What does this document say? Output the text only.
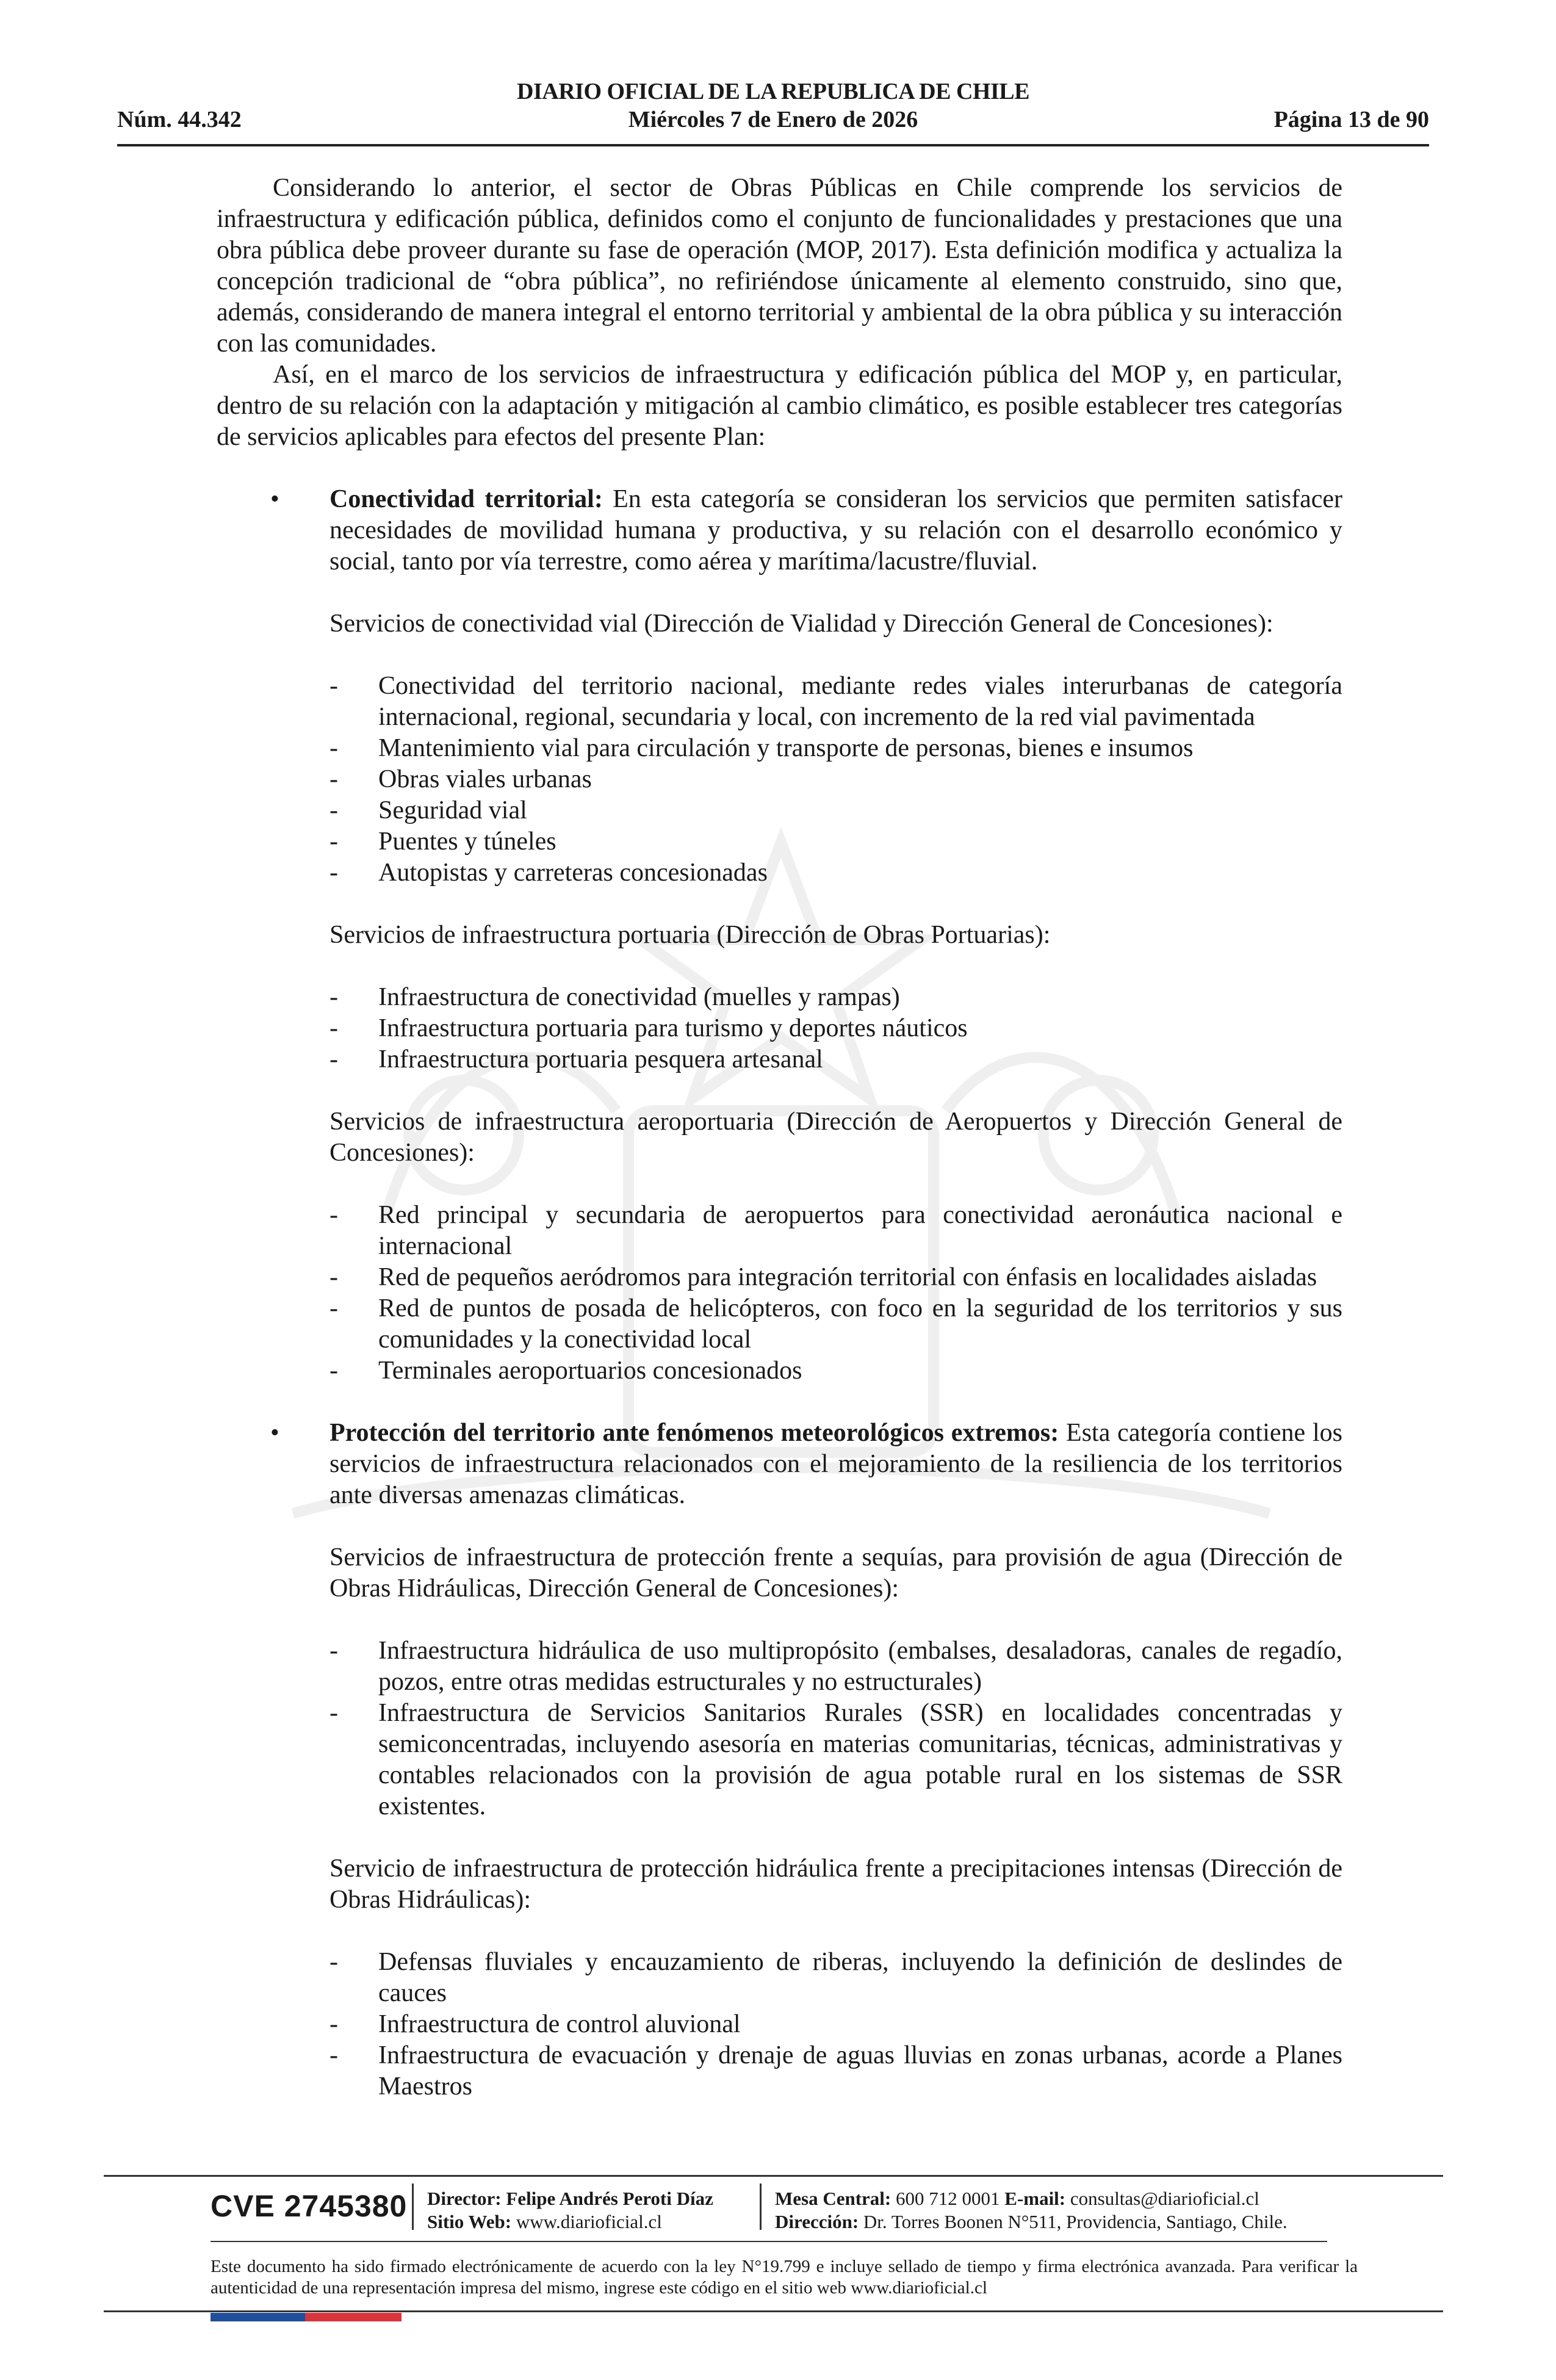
DIARIO OFICIAL DE LA REPUBLICA DE CHILE
Núm. 44.342	Miércoles 7 de Enero de 2026	Página 13 de 90

Considerando lo anterior, el sector de Obras Públicas en Chile comprende los servicios de infraestructura y edificación pública, definidos como el conjunto de funcionalidades y prestaciones que una obra pública debe proveer durante su fase de operación (MOP, 2017). Esta definición modifica y actualiza la concepción tradicional de “obra pública”, no refiriéndose únicamente al elemento construido, sino que, además, considerando de manera integral el entorno territorial y ambiental de la obra pública y su interacción con las comunidades.

Así, en el marco de los servicios de infraestructura y edificación pública del MOP y, en particular, dentro de su relación con la adaptación y mitigación al cambio climático, es posible establecer tres categorías de servicios aplicables para efectos del presente Plan:

• Conectividad territorial: En esta categoría se consideran los servicios que permiten satisfacer necesidades de movilidad humana y productiva, y su relación con el desarrollo económico y social, tanto por vía terrestre, como aérea y marítima/lacustre/fluvial.
Servicios de conectividad vial (Dirección de Vialidad y Dirección General de Concesiones):
- Conectividad del territorio nacional, mediante redes viales interurbanas de categoría internacional, regional, secundaria y local, con incremento de la red vial pavimentada
- Mantenimiento vial para circulación y transporte de personas, bienes e insumos
- Obras viales urbanas
- Seguridad vial
- Puentes y túneles
- Autopistas y carreteras concesionadas
Servicios de infraestructura portuaria (Dirección de Obras Portuarias):
- Infraestructura de conectividad (muelles y rampas)
- Infraestructura portuaria para turismo y deportes náuticos
- Infraestructura portuaria pesquera artesanal
Servicios de infraestructura aeroportuaria (Dirección de Aeropuertos y Dirección General de Concesiones):
- Red principal y secundaria de aeropuertos para conectividad aeronáutica nacional e internacional
- Red de pequeños aeródromos para integración territorial con énfasis en localidades aisladas
- Red de puntos de posada de helicópteros, con foco en la seguridad de los territorios y sus comunidades y la conectividad local
- Terminales aeroportuarios concesionados
• Protección del territorio ante fenómenos meteorológicos extremos: Esta categoría contiene los servicios de infraestructura relacionados con el mejoramiento de la resiliencia de los territorios ante diversas amenazas climáticas.
Servicios de infraestructura de protección frente a sequías, para provisión de agua (Dirección de Obras Hidráulicas, Dirección General de Concesiones):
- Infraestructura hidráulica de uso multipropósito (embalses, desaladoras, canales de regadío, pozos, entre otras medidas estructurales y no estructurales)
- Infraestructura de Servicios Sanitarios Rurales (SSR) en localidades concentradas y semiconcentradas, incluyendo asesoría en materias comunitarias, técnicas, administrativas y contables relacionados con la provisión de agua potable rural en los sistemas de SSR existentes.
Servicio de infraestructura de protección hidráulica frente a precipitaciones intensas (Dirección de Obras Hidráulicas):
- Defensas fluviales y encauzamiento de riberas, incluyendo la definición de deslindes de cauces
- Infraestructura de control aluvional
- Infraestructura de evacuación y drenaje de aguas lluvias en zonas urbanas, acorde a Planes Maestros
CVE 2745380 Director: Felipe Andrés Peroti Díaz
Sitio Web: www.diarioficial.cl
Mesa Central: 600 712 0001 E-mail: consultas@diarioficial.cl
Dirección: Dr. Torres Boonen N°511, Providencia, Santiago, Chile.
Este documento ha sido firmado electrónicamente de acuerdo con la ley N°19.799 e incluye sellado de tiempo y firma electrónica avanzada. Para verificar la autenticidad de una representación impresa del mismo, ingrese este código en el sitio web www.diarioficial.cl
